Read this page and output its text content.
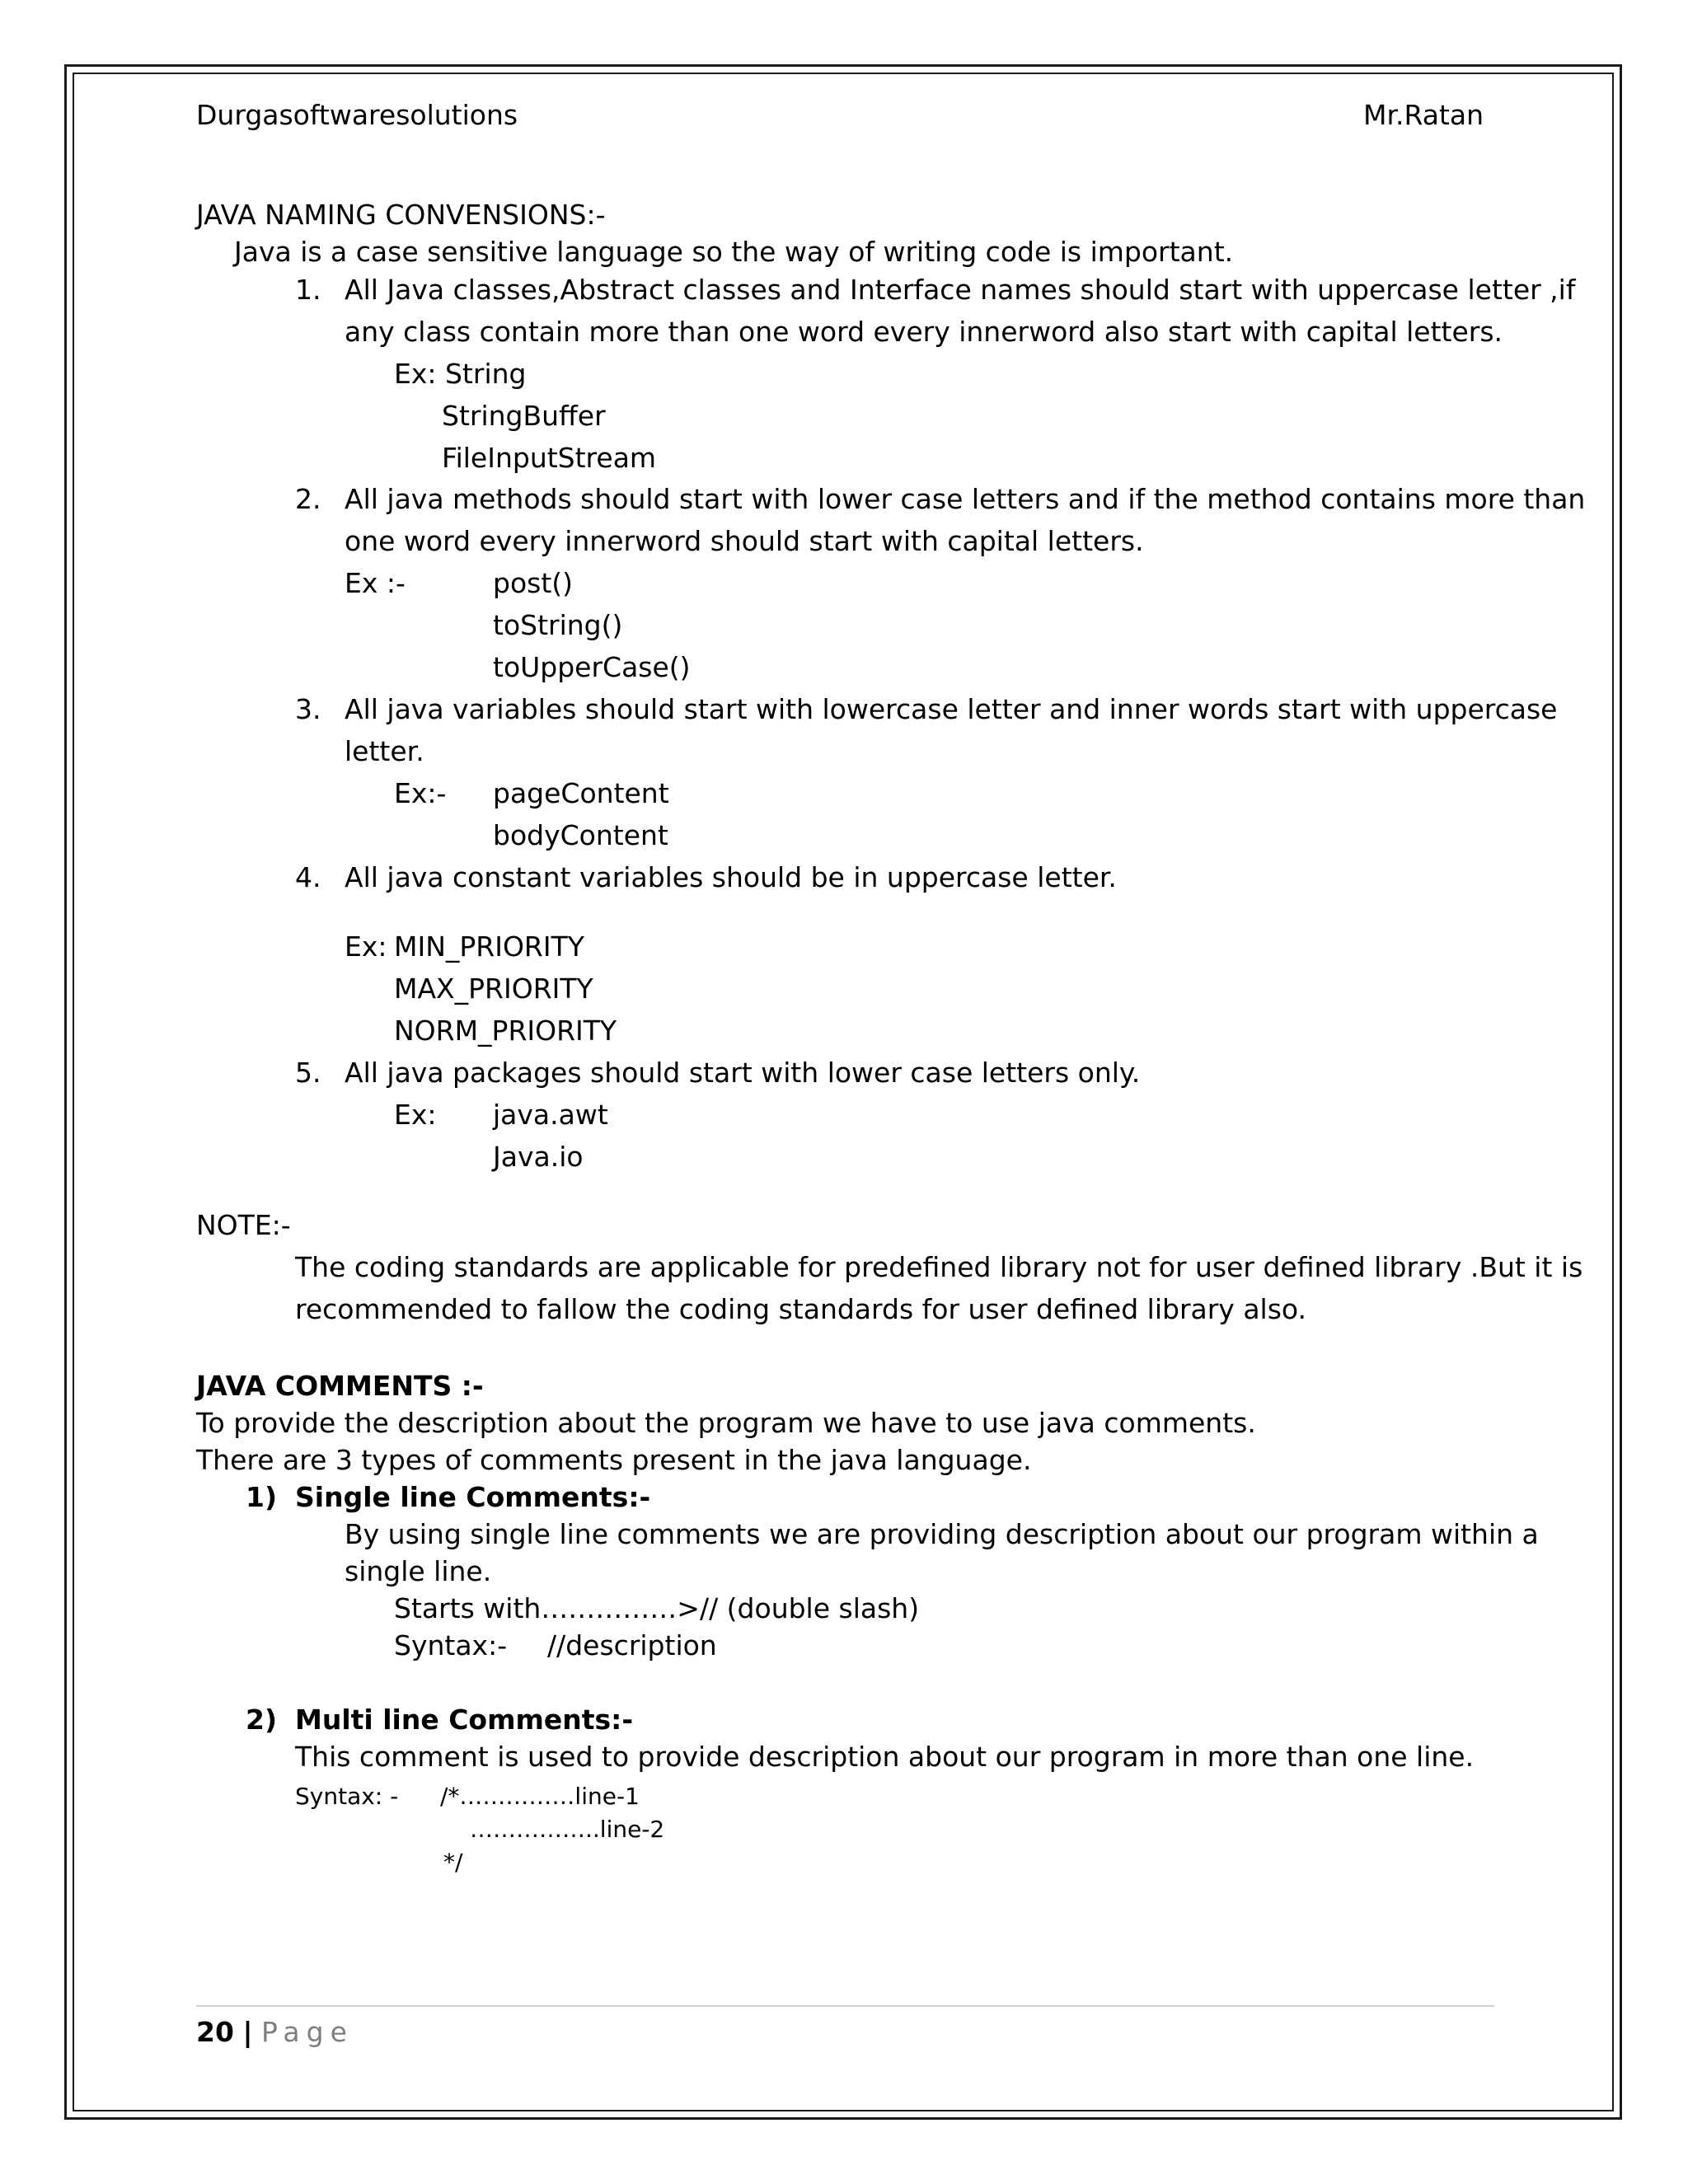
Durgasoftwaresolutions	Mr.Ratan
JAVA NAMING CONVENSIONS:-
Java is a case sensitive language so the way of writing code is important.
1. All Java classes,Abstract classes and Interface names should start with uppercase letter ,if
any class contain more than one word every innerword also start with capital letters.
Ex: String
StringBuffer
FileInputStream
2. All java methods should start with lower case letters and if the method contains more than
one word every innerword should start with capital letters.
Ex :-	post()
toString()
toUpperCase()
3. All java variables should start with lowercase letter and inner words start with uppercase
letter.
Ex:- pageContent
bodyContent
4. All java constant variables should be in uppercase letter.
Ex: MIN_PRIORITY
MAX_PRIORITY
NORM_PRIORITY
5. All java packages should start with lower case letters only.
Ex: java.awt
Java.io
NOTE:-
The coding standards are applicable for predefined library not for user defined library .But it is
recommended to fallow the coding standards for user defined library also.
JAVA COMMENTS :-
To provide the description about the program we have to use java comments.
There are 3 types of comments present in the java language.
1) Single line Comments:-
By using single line comments we are providing description about our program within a
single line.
Starts with……………>// (double slash)
Syntax:- //description
2) Multi line Comments:-
This comment is used to provide description about our program in more than one line.
Syntax: - /*……………line-1
……………..line-2
*/
20 | Page
